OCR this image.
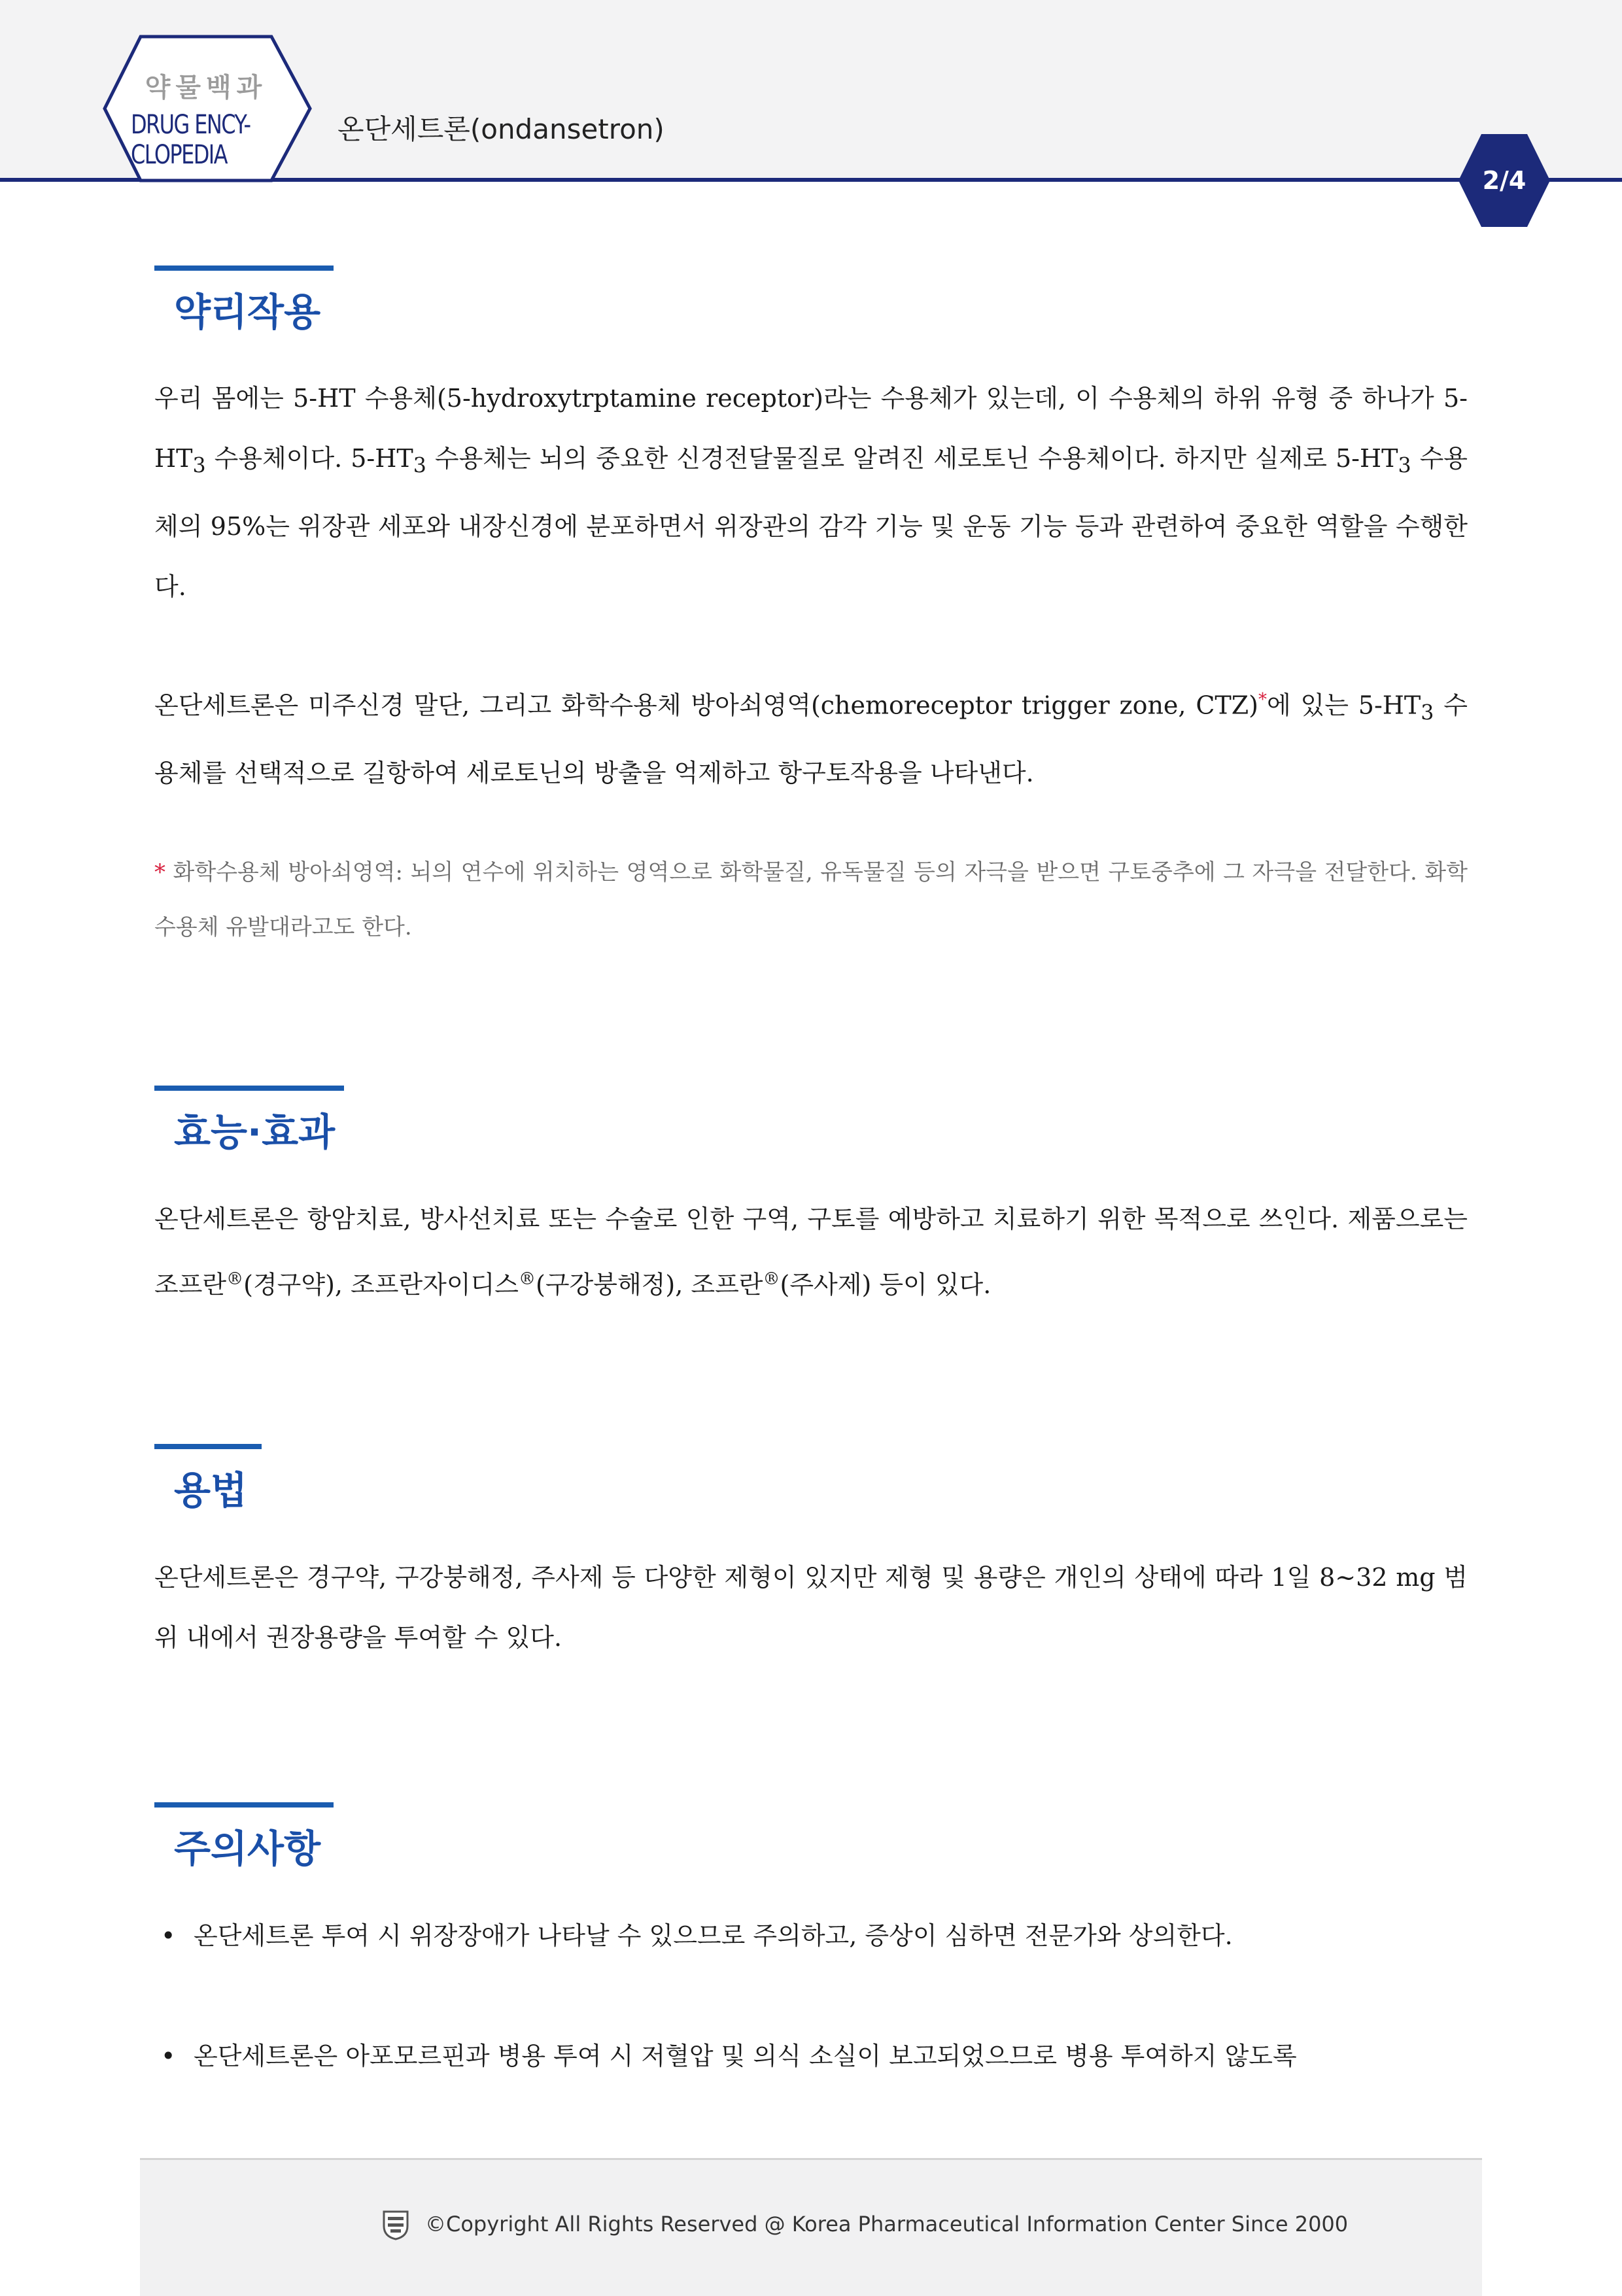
약물백과
DRUG ENCY-
CLOPEDIA
온단세트론(ondansetron)
2/4
약리작용

우리 몸에는 5-HT 수용체(5-hydroxytrptamine receptor)라는 수용체가 있는데, 이 수용체의 하위 유형 중 하나가 $5-HT_3$ 수용체이다. $5-HT_3$ 수용체는 뇌의 중요한 신경전달물질로 알려진 세로토닌 수용체이다. 하지만 실제로 $5-HT_3$ 수용체의 95%는 위장관 세포와 내장신경에 분포하면서 위장관의 감각 기능 및 운동 기능 등과 관련하여 중요한 역할을 수행한다.

온단세트론은 미주신경 말단, 그리고 화학수용체 방아쇠영역(chemoreceptor trigger zone, CTZ)*에 있는 $5-HT_3$ 수용체를 선택적으로 길항하여 세로토닌의 방출을 억제하고 항구토작용을 나타낸다.

* 화학수용체 방아쇠영역: 뇌의 연수에 위치하는 영역으로 화학물질, 유독물질 등의 자극을 받으면 구토중추에 그 자극을 전달한다. 화학수용체 유발대라고도 한다.

효능·효과

온단세트론은 항암치료, 방사선치료 또는 수술로 인한 구역, 구토를 예방하고 치료하기 위한 목적으로 쓰인다. 제품으로는 조프란®(경구약), 조프란자이디스®(구강붕해정), 조프란®(주사제) 등이 있다.

용법

온단세트론은 경구약, 구강붕해정, 주사제 등 다양한 제형이 있지만 제형 및 용량은 개인의 상태에 따라 1일 8~32 mg 범위 내에서 권장용량을 투여할 수 있다.

주의사항
• 온단세트론 투여 시 위장장애가 나타날 수 있으므로 주의하고, 증상이 심하면 전문가와 상의한다.
• 온단세트론은 아포모르핀과 병용 투여 시 저혈압 및 의식 소실이 보고되었으므로 병용 투여하지 않도록
©Copyright All Rights Reserved @ Korea Pharmaceutical Information Center Since 2000
